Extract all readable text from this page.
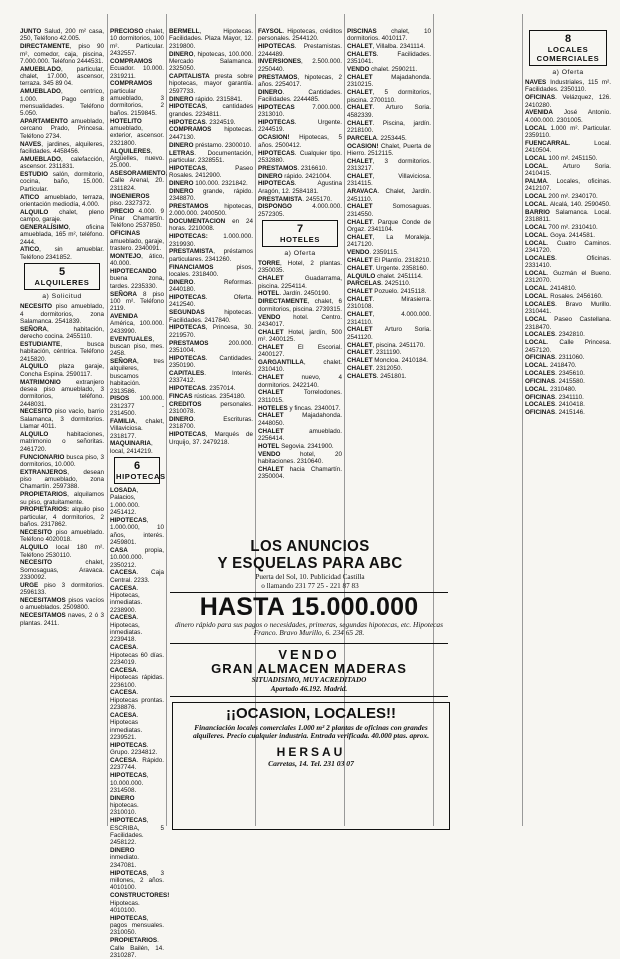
JUNTO Salud, 200 m² casa, 250, Teléfono 42.005.

DIRECTAMENTE, piso 90 m², comedor, caja, piscina, 7.000.000. Teléfono 2444531.

AMUEBLADO, particular, chalet, 17.000, ascensor, terraza. 345 89 04.

AMUEBLADO, centrico, 1.000. Pago 8 mensualidades. Teléfono 5.050.

APARTAMENTO amueblado, cercano Prado, Princesa. Teléfono 2734.

NAVES, jardines, alquileres, facilidades. 4458456.

AMUEBLADO, calefacción, ascensor. 2311831.

ESTUDIO salón, dormitorio, cocina, baño, 15.000. Particular.

ATICO amueblado, terraza, orientación mediodía, 4.000.

ALQUILO chalet, pleno campo, garaje.

GENERALÍSIMO, oficina amueblada, 165 m², teléfono. 2444.

ATICO, sin amueblar. Teléfono 2341852.

5
ALQUILERES
a) Solicitud

NECESITO piso amueblado, 4 dormitorios, zona Salamanca. 2541839.

SEÑORA, habitación, derecho cocina. 2455110.

ESTUDIANTE, busca habitación, céntrica. Teléfono 2415820.

ALQUILO plaza garaje, Concha Espina. 2590117.

MATRIMONIO extranjero desea piso amueblado, 3 dormitorios, teléfono. 2448031.

NECESITO piso vacío, barrio Salamanca, 3 dormitorios. Llamar 4011.

ALQUILO habitaciones, matrimonio o señoritas. 2461720.

FUNCIONARIO busca piso, 3 dormitorios, 10.000.

EXTRANJEROS, desean piso amueblado, zona Chamartín. 2597388.

PROPIETARIOS, alquilamos su piso, gratuitamente.

PROPIETARIOS: alquilo piso particular, 4 dormitorios, 2 baños. 2317862.

NECESITO piso amueblado. Teléfono 4020018.

ALQUILO local 180 m². Teléfono 2530110.

NECESITO chalet, Somosaguas, Aravaca. 2330092.

URGE piso 3 dormitorios. 2596133.

NECESITAMOS pisos vacíos o amueblados. 2509800.

NECESITAMOS naves, 2 ó 3 plantas. 2411.

PRECIOSO chalet, 10 dormitorios, 100 m². Particular. 2432557.

COMPRAMOS Ecuador. 10.000. 2319211.

COMPRAMOS particular amueblado, 3 dormitorios, 2 baños. 2159845.

HOTELITO amueblado, exterior, ascensor. 2321800.

ALQUILERES, Argüelles, nuevo. 25.000.

ASESORAMIENTO, Calle Arenal, 20. 2311824.

INGENIEROS piso. 2327372.

PRECIO 4.000. 9 Pinar Chamartín. Teléfono 2537850.

OFICINAS amueblado, garaje, trastero. 2340091.

MONTEJO, ático, 40.000.

HIPOTECANDO buena zona, tardes. 2235330.

SEÑORA 8 piso 100 m². Teléfono 2119.

AVENIDA América, 100.000. 2433990.

EVENTUALES, buscan piso, mes. 2458.

SEÑORA, tres alquileres, buscamos habitación. 2313586.

PISOS 100.000. 2312377 - 2314500.

FAMILIA, chalet, Villaviciosa. 2318177.

MAQUINARIA, local, 2414219.

6
HIPOTECAS

LOSADA, Palacios, 1.000.000. 2451412.

HIPOTECAS, 1.000.000, 10 años, interés. 2459801.

CASA propia, 10.000.000. 2350212.

CACESA. Caja Central. 2233.

CACESA. Hipotecas, inmediatas. 2238900.

CACESA. Hipotecas, inmediatas. 2239418.

CACESA. Hipotecas 60 días. 2234019.

CACESA. Hipotecas rápidas. 2236100.

CACESA. Hipotecas prontas. 2238876.

CACESA. Hipotecas inmediatas. 2239521.

HIPOTECAS. Grupo. 2234812.

CACESA. Rápido. 2237744.

HIPOTECAS, 10.000.000. 2314508.

DINERO hipotecas. 2310010.

HIPOTECAS, ESCRIBA, 5 Facilidades. 2458122.

DINERO inmediato. 2347081.

HIPOTECAS, 3 millones, 2 años. 4010100.

CONSTRUCTORES! Hipotecas. 4010100.

HIPOTECAS, pagos mensuales. 2310050.

PROPIETARIOS. Calle Bailén, 14. 2310287.

BERMELL, Hipotecas. Facilidades. Plaza Mayor, 12. 2319800.

DINERO, hipotecas, 100.000. Mercado Salamanca. 2325050.

CAPITALISTA presta sobre hipotecas, mayor garantía. 2597733.

DINERO rápido. 2315841.

HIPOTECAS, cantidades grandes. 2234811.

HIPOTECAS. 2324519.

COMPRAMOS hipotecas. 2447130.

DINERO préstamo. 2300010.

LETRAS. Documentación, particular. 2328551.

HIPOTECAS, Paseo Rosales. 2412900.

DINERO 100.000. 2321842.

DINERO grande, rápido. 2348870.

PRESTAMOS hipotecas, 2.000.000. 2400500.

DOCUMENTACION en 24 horas. 2210008.

HIPOTECAS: 1.000.000. 2319930.

PRESTAMISTA, préstamos particulares. 2341260.

FINANCIAMOS pisos, locales. 2318400.

DINERO. Reformas. 2440180.

HIPOTECAS. Oferta. 2412540.

SEGUNDAS hipotecas. Facilidades. 2417840.

HIPOTECAS, Princesa, 30. 2219570.

PRESTAMOS 200.000. 2351004.

HIPOTECAS. Cantidades. 2350190.

CAPITALES. Interés. 2337412.

HIPOTECAS. 2357014.

FINCAS rústicas. 2354180.

CREDITOS personales. 2310078.

DINERO. Escrituras. 2318700.

HIPOTECAS, Marqués de Urquijo, 37. 2479218.

FAYSOL. Hipotecas, créditos personales. 2544120.

HIPOTECAS. Prestamistas. 2244489.

INVERSIONES, 2.500.000. 2250440.

PRESTAMOS, hipotecas, 2 años. 2254017.

DINERO. Cantidades. Facilidades. 2244485.

HIPOTECAS 7.000.000. 2313010.

HIPOTECAS. Urgente. 2244519.

OCASION! Hipotecas, 5 años. 2500412.

HIPOTECAS. Cualquier tipo. 2532880.

PRESTAMOS. 2316610.

DINERO rápido. 2421004.

HIPOTECAS. Agustina Aragón, 12. 2584181.

PRESTAMISTA. 2455170.

DISPONGO 4.000.000. 2572305.

7
HOTELES
a) Oferta

TORRE, Hotel, 2 plantas. 2350035.

CHALET Guadarrama, piscina. 2254114.

HOTEL. Jardín. 2450190.

DIRECTAMENTE, chalet, 6 dormitorios, piscina. 2739315.

VENDO hotel. Centro. 2434017.

CHALET Hotel, jardín, 500 m². 2400125.

CHALET El Escorial. 2400127.

GARGANTILLA, chalet. 2310410.

CHALET nuevo, 4 dormitorios. 2422140.

CHALET Torrelodones. 2311015.

HOTELES y fincas. 2340017.

CHALET Majadahonda. 2448050.

CHALET amueblado. 2256414.

HOTEL Segovia. 2341900.

VENDO hotel, 20 habitaciones. 2310640.

CHALET hacia Chamartín. 2350004.

PISCINAS chalet, 10 dormitorios. 4010117.

CHALET, Villalba. 2341114.

CHALETS. Facilidades. 2351041.

VENDO chalet. 2590211.

CHALET Majadahonda. 2310215.

CHALET, 5 dormitorios, piscina. 2700110.

CHALET. Arturo Soria. 4582339.

CHALET. Piscina, jardín. 2218100.

PARCELA. 2253445.

OCASION! Chalet, Puerta de Hierro. 2512115.

CHALET, 3 dormitorios. 2313217.

CHALET, Villaviciosa. 2314115.

ARAVACA. Chalet, Jardín. 2451110.

CHALET Somosaguas. 2314550.

CHALET. Parque Conde de Orgaz. 2341104.

CHALET, La Moraleja. 2417120.

VENDO. 2359115.

CHALET El Plantío. 2318210.

CHALET. Urgente. 2358160.

ALQUILO chalet. 2451114.

PARCELAS. 2425110.

CHALET Pozuelo. 2415118.

CHALET. Mirasierra. 2310108.

CHALET, 4.000.000. 2314110.

CHALET Arturo Soria. 2541120.

CHALET, piscina. 2451170.

CHALET. 2311190.

CHALET Moncloa. 2410184.

CHALET. 2312050.

CHALETS. 2451801.

8
LOCALES COMERCIALES
a) Oferta

NAVES Industriales, 115 m². Facilidades. 2350110.

OFICINAS. Velázquez, 126. 2410280.

AVENIDA José Antonio. 4.000.000. 2301005.

LOCAL 1.000 m². Particular. 2359110.

FUENCARRAL. Local. 2410504.

LOCAL 100 m². 2451150.

LOCAL. Arturo Soria. 2410415.

PALMA. Locales, oficinas. 2412107.

LOCAL 200 m². 2340170.

LOCAL. Alcalá, 140. 2590450.

BARRIO Salamanca. Local. 2318811.

LOCAL 700 m². 2310410.

LOCAL. Goya. 2414581.

LOCAL. Cuatro Caminos. 2341720.

LOCALES. Oficinas. 2331410.

LOCAL. Guzmán el Bueno. 2312070.

LOCAL. 2414810.

LOCAL. Rosales. 2456160.

LOCALES. Bravo Murillo. 2310441.

LOCAL Paseo Castellana. 2318470.

LOCALES. 2342810.

LOCAL. Calle Princesa. 2457120.

OFICINAS. 2311060.

LOCAL. 2418470.

LOCALES. 2345610.

OFICINAS. 2415580.

LOCAL. 2310480.

OFICINAS. 2341110.

LOCALES. 2410418.

OFICINAS. 2415146.

LOS ANUNCIOS
Y ESQUELAS PARA ABC
Puerta del Sol, 10. Publicidad Castilla
o llamando 231 77 25 - 221 87 83
HASTA 15.000.000
dinero rápido para sus pagos o necesidades, primeras, segundas hipotecas, etc. Hipotecas Franco. Bravo Murillo, 6. 234 65 28.
VENDO
GRAN ALMACEN MADERAS
SITUADISIMO, MUY ACREDITADO
Apartado 46.192. Madrid.
¡¡OCASION, LOCALES!!
Financiación locales comerciales 1.000 m² 2 plantas de oficinas con grandes alquileres. Precio cualquier industria. Entrada verificada. 40.000 ptas. aprox.
HERSAU
Carretas, 14. Tel. 231 03 07
